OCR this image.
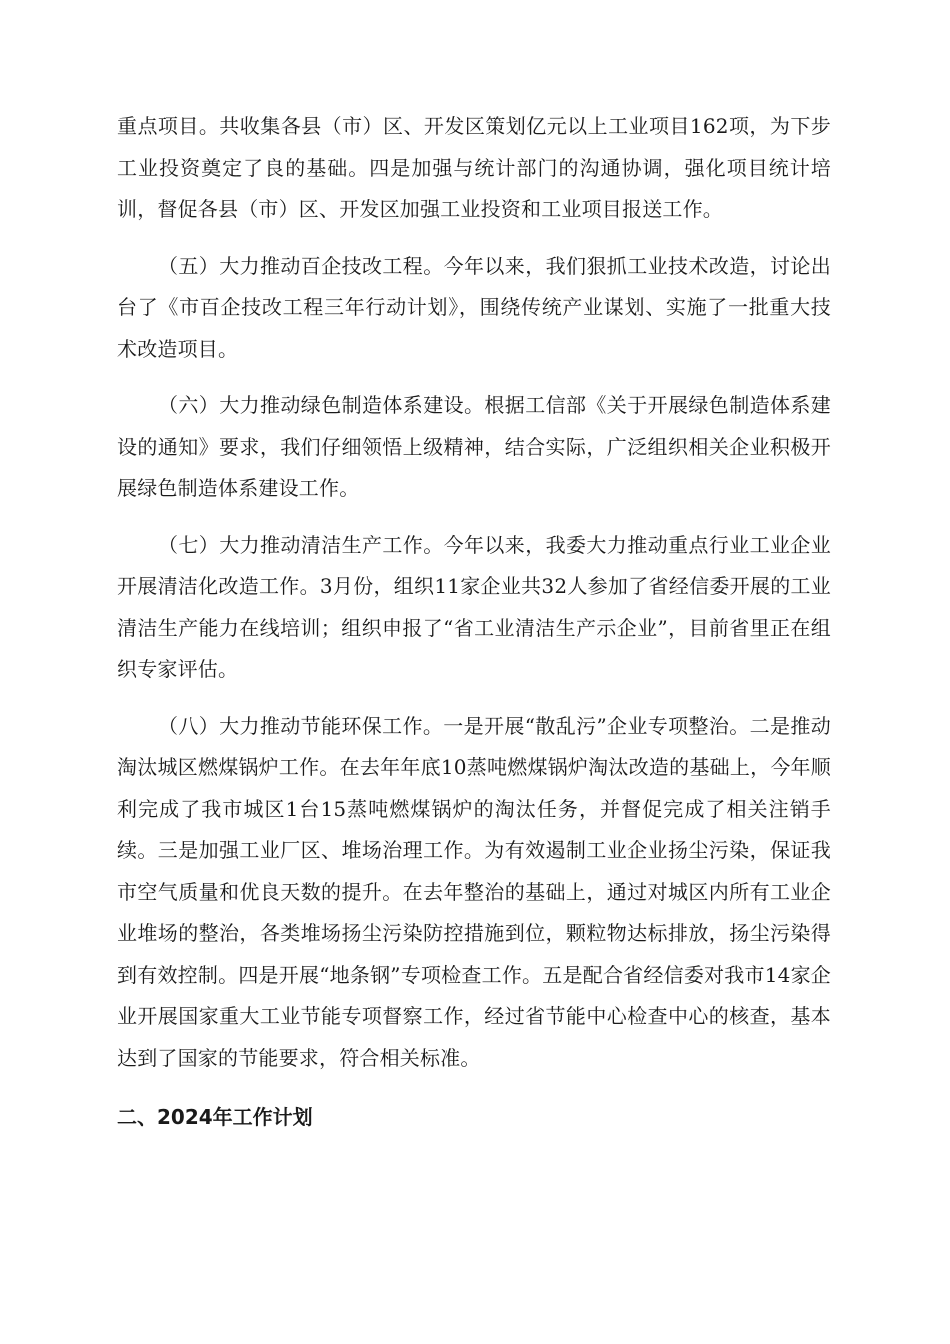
重点项目。共收集各县（市）区、开发区策划亿元以上工业项目162项，为下步工业投资奠定了良的基础。四是加强与统计部门的沟通协调，强化项目统计培训，督促各县（市）区、开发区加强工业投资和工业项目报送工作。

（五）大力推动百企技改工程。今年以来，我们狠抓工业技术改造，讨论出台了《市百企技改工程三年行动计划》，围绕传统产业谋划、实施了一批重大技术改造项目。

（六）大力推动绿色制造体系建设。根据工信部《关于开展绿色制造体系建设的通知》要求，我们仔细领悟上级精神，结合实际，广泛组织相关企业积极开展绿色制造体系建设工作。

（七）大力推动清洁生产工作。今年以来，我委大力推动重点行业工业企业开展清洁化改造工作。3月份，组织11家企业共32人参加了省经信委开展的工业清洁生产能力在线培训；组织申报了“省工业清洁生产示企业”，目前省里正在组织专家评估。

（八）大力推动节能环保工作。一是开展“散乱污”企业专项整治。二是推动淘汰城区燃煤锅炉工作。在去年年底10蒸吨燃煤锅炉淘汰改造的基础上，今年顺利完成了我市城区1台15蒸吨燃煤锅炉的淘汰任务，并督促完成了相关注销手续。三是加强工业厂区、堆场治理工作。为有效遏制工业企业扬尘污染，保证我市空气质量和优良天数的提升。在去年整治的基础上，通过对城区内所有工业企业堆场的整治，各类堆场扬尘污染防控措施到位，颗粒物达标排放，扬尘污染得到有效控制。四是开展“地条钢”专项检查工作。五是配合省经信委对我市14家企业开展国家重大工业节能专项督察工作，经过省节能中心检查中心的核查，基本达到了国家的节能要求，符合相关标准。

二、2024年工作计划
